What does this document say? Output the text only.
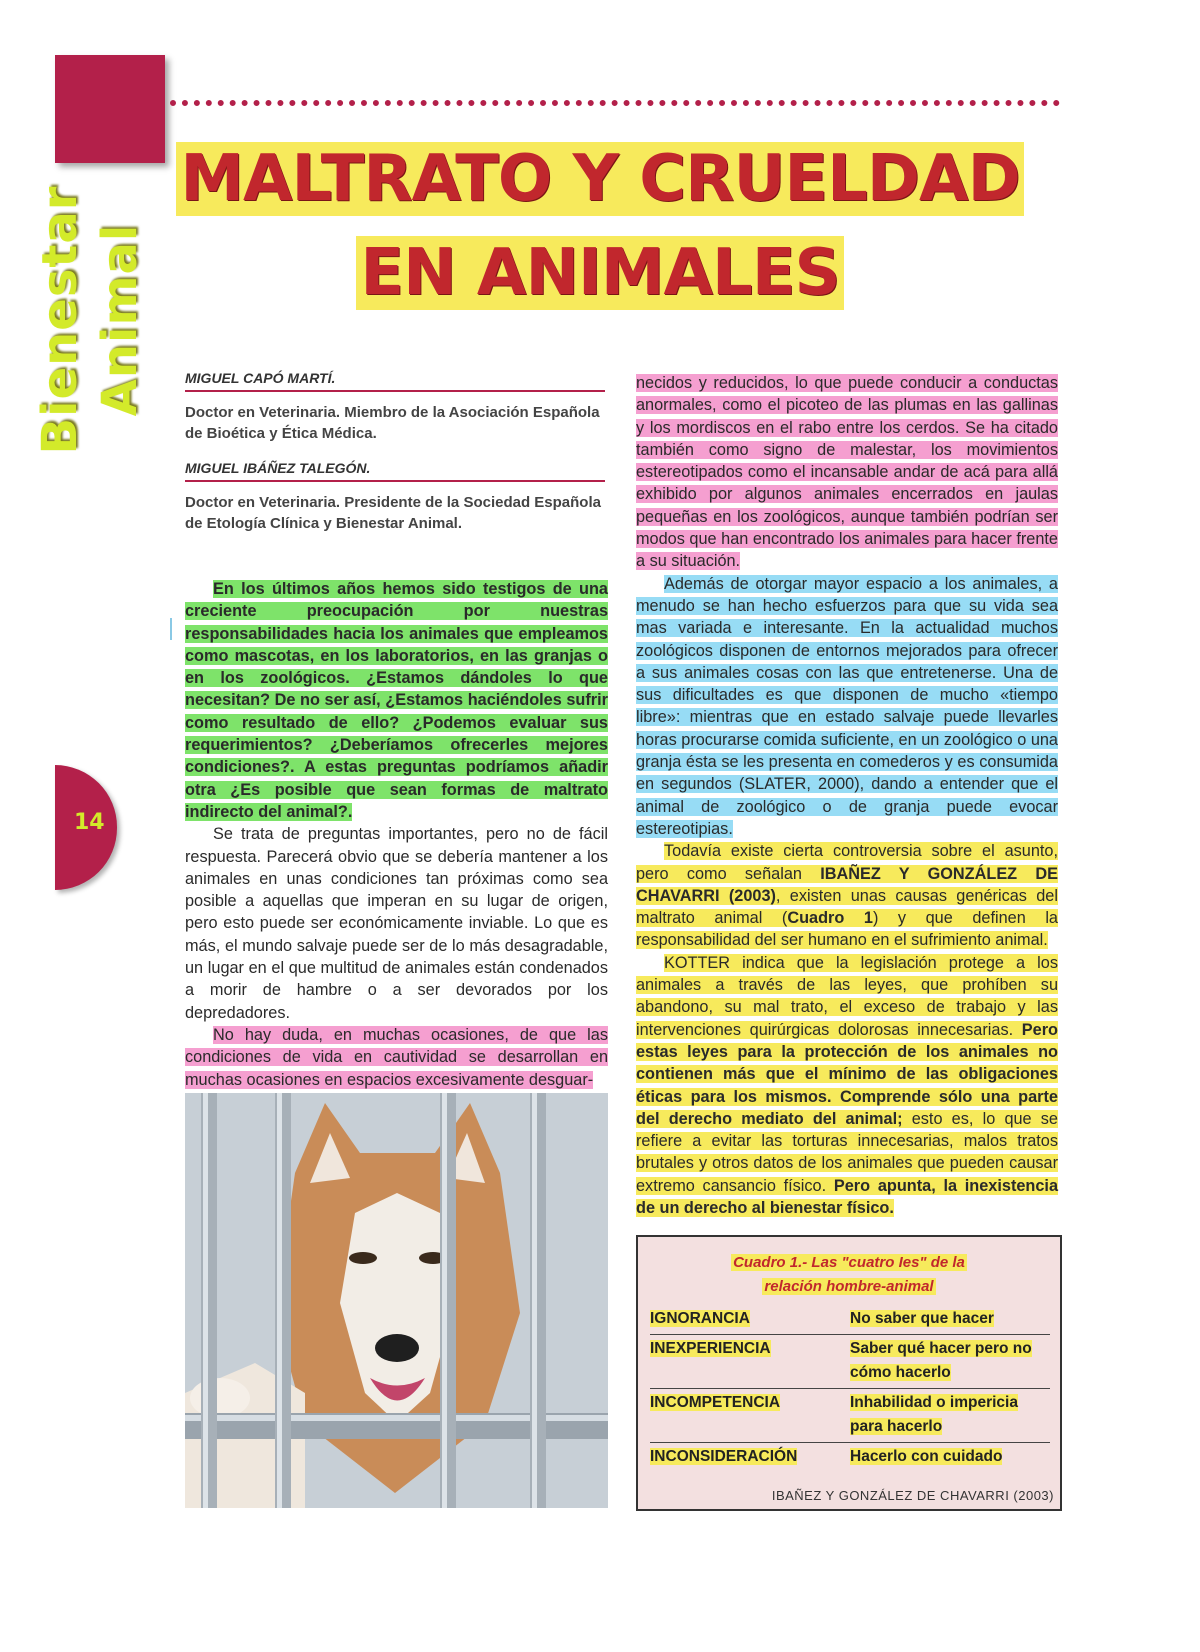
Bienestar Animal
MALTRATO Y CRUELDAD
EN ANIMALES
14
MIGUEL CAPÓ MARTÍ.
Doctor en Veterinaria. Miembro de la Asociación Española de Bioética y Ética Médica.
MIGUEL IBÁÑEZ TALEGÓN.
Doctor en Veterinaria. Presidente de la Sociedad Española de Etología Clínica y Bienestar Animal.

En los últimos años hemos sido testigos de una creciente preocupación por nuestras responsabilidades hacia los animales que empleamos como mascotas, en los laboratorios, en las granjas o en los zoológicos. ¿Estamos dándoles lo que necesitan? De no ser así, ¿Estamos haciéndoles sufrir como resultado de ello? ¿Podemos evaluar sus requerimientos? ¿Deberíamos ofrecerles mejores condiciones?. A estas preguntas podríamos añadir otra ¿Es posible que sean formas de maltrato indirecto del animal?.

Se trata de preguntas importantes, pero no de fácil respuesta. Parecerá obvio que se debería mantener a los animales en unas condiciones tan próximas como sea posible a aquellas que imperan en su lugar de origen, pero esto puede ser económicamente inviable. Lo que es más, el mundo salvaje puede ser de lo más desagradable, un lugar en el que multitud de animales están condenados a morir de hambre o a ser devorados por los depredadores.

No hay duda, en muchas ocasiones, de que las condiciones de vida en cautividad se desarrollan en muchas ocasiones en espacios excesivamente desguar-

necidos y reducidos, lo que puede conducir a conductas anormales, como el picoteo de las plumas en las gallinas y los mordiscos en el rabo entre los cerdos. Se ha citado también como signo de malestar, los movimientos estereotipados como el incansable andar de acá para allá exhibido por algunos animales encerrados en jaulas pequeñas en los zoológicos, aunque también podrían ser modos que han encontrado los animales para hacer frente a su situación.

Además de otorgar mayor espacio a los animales, a menudo se han hecho esfuerzos para que su vida sea mas variada e interesante. En la actualidad muchos zoológicos disponen de entornos mejorados para ofrecer a sus animales cosas con las que entretenerse. Una de sus dificultades es que disponen de mucho «tiempo libre»: mientras que en estado salvaje puede llevarles horas procurarse comida suficiente, en un zoológico o una granja ésta se les presenta en comederos y es consumida en segundos (SLATER, 2000), dando a entender que el animal de zoológico o de granja puede evocar estereotipias.

Todavía existe cierta controversia sobre el asunto, pero como señalan IBAÑEZ Y GONZÁLEZ DE CHAVARRI (2003), existen unas causas genéricas del maltrato animal (Cuadro 1) y que definen la responsabilidad del ser humano en el sufrimiento animal.

KOTTER indica que la legislación protege a los animales a través de las leyes, que prohíben su abandono, su mal trato, el exceso de trabajo y las intervenciones quirúrgicas dolorosas innecesarias. Pero estas leyes para la protección de los animales no contienen más que el mínimo de las obligaciones éticas para los mismos. Comprende sólo una parte del derecho mediato del animal; esto es, lo que se refiere a evitar las torturas innecesarias, malos tratos brutales y otros datos de los animales que pueden causar extremo cansancio físico. Pero apunta, la inexistencia de un derecho al bienestar físico.

Cuadro 1.- Las "cuatro Ies" de la
relación hombre-animal
IGNORANCIA	No saber que hacer
INEXPERIENCIA	Saber qué hacer pero no cómo hacerlo
INCOMPETENCIA	Inhabilidad o impericia para hacerlo
INCONSIDERACIÓN	Hacerlo con cuidado
IBAÑEZ Y GONZÁLEZ DE CHAVARRI (2003)
